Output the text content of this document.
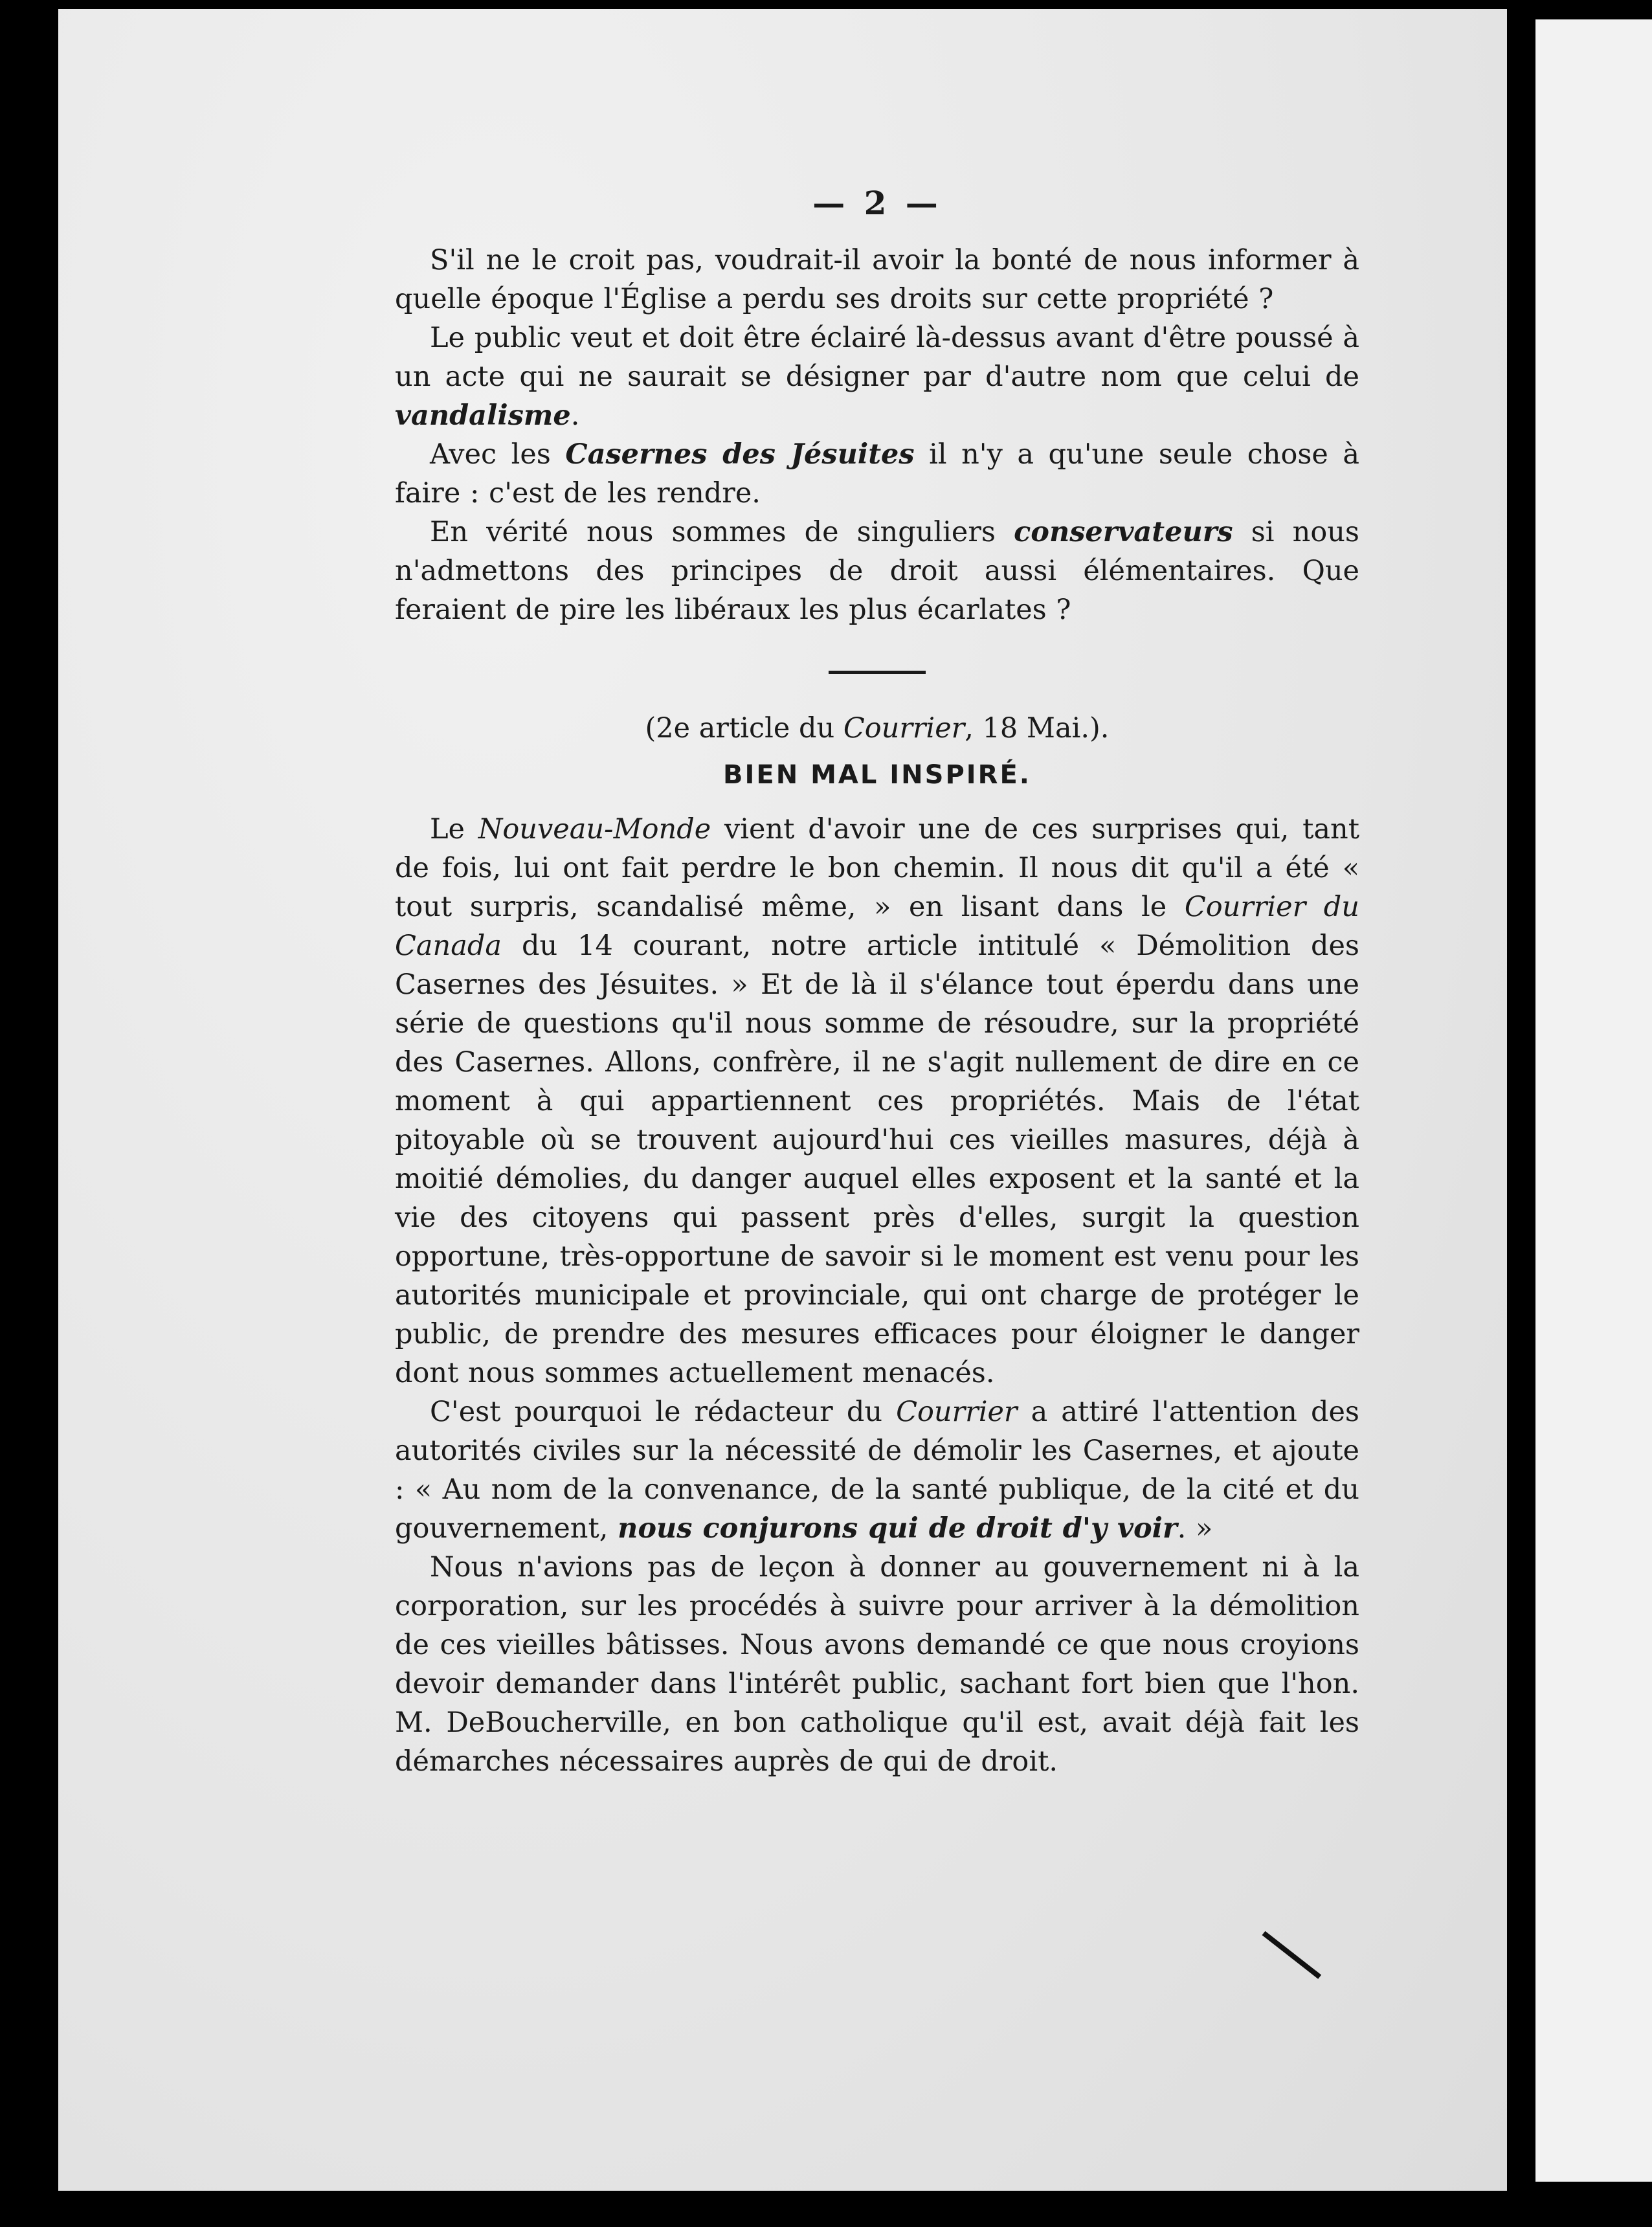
— 2 —

S'il ne le croit pas, voudrait-il avoir la bonté de nous informer à quelle époque l'Église a perdu ses droits sur cette propriété ?

Le public veut et doit être éclairé là-dessus avant d'être poussé à un acte qui ne saurait se désigner par d'autre nom que celui de vandalisme.

Avec les Casernes des Jésuites il n'y a qu'une seule chose à faire : c'est de les rendre.

En vérité nous sommes de singuliers conservateurs si nous n'admettons des principes de droit aussi élémentaires. Que feraient de pire les libéraux les plus écarlates ?

(2e article du Courrier, 18 Mai.).
BIEN MAL INSPIRÉ.

Le Nouveau-Monde vient d'avoir une de ces surprises qui, tant de fois, lui ont fait perdre le bon chemin. Il nous dit qu'il a été « tout surpris, scandalisé même, » en lisant dans le Courrier du Canada du 14 courant, notre article intitulé « Démolition des Casernes des Jésuites. » Et de là il s'élance tout éperdu dans une série de questions qu'il nous somme de résoudre, sur la propriété des Casernes. Allons, confrère, il ne s'agit nullement de dire en ce moment à qui appartiennent ces propriétés. Mais de l'état pitoyable où se trouvent aujourd'hui ces vieilles masures, déjà à moitié démolies, du danger auquel elles exposent et la santé et la vie des citoyens qui passent près d'elles, surgit la question opportune, très-opportune de savoir si le moment est venu pour les autorités municipale et provinciale, qui ont charge de protéger le public, de prendre des mesures efficaces pour éloigner le danger dont nous sommes actuellement menacés.

C'est pourquoi le rédacteur du Courrier a attiré l'attention des autorités civiles sur la nécessité de démolir les Casernes, et ajoute : « Au nom de la convenance, de la santé publique, de la cité et du gouvernement, nous conjurons qui de droit d'y voir. »

Nous n'avions pas de leçon à donner au gouvernement ni à la corporation, sur les procédés à suivre pour arriver à la démolition de ces vieilles bâtisses. Nous avons demandé ce que nous croyions devoir demander dans l'intérêt public, sachant fort bien que l'hon. M. DeBoucherville, en bon catholique qu'il est, avait déjà fait les démarches nécessaires auprès de qui de droit.
